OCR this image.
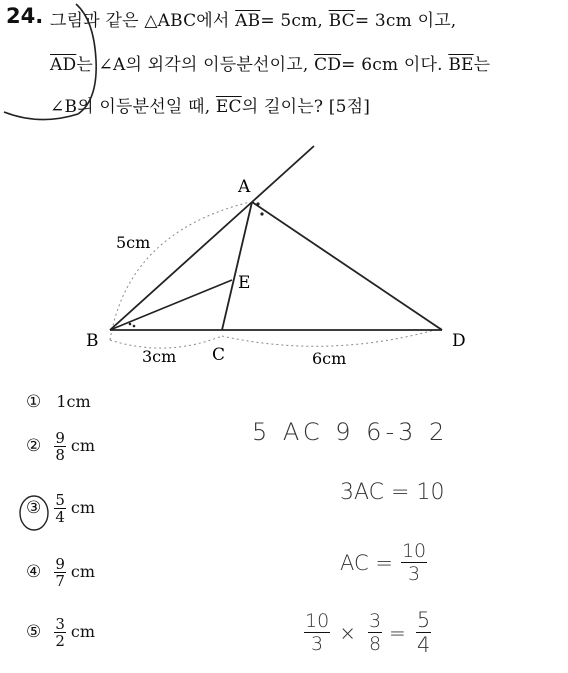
24. 그림과 같은 △ABC에서 $\overline{AB}= 5cm$, $\overline{BC}= 3cm$ 이고,
$\overline{AD}$는 ∠A의 외각의 이등분선이고, $\overline{CD}= 6cm$ 이다. $\overline{BE}$는
∠B의 이등분선일 때, $\overline{EC}$의 길이는? [5점]
A
B
C
D
E
5cm
3cm	6cm
① 1cm
② $\frac{9}{8}$ cm
③ $\frac{5}{4}$ cm
④ $\frac{9}{7}$ cm
⑤ $\frac{3}{2}$ cm
5 AC 9 6-3 2
3AC = 10
AC = $\frac{10}{3}$
$\frac{10}{3} \times \frac{3}{8} = \frac{5}{4}$
